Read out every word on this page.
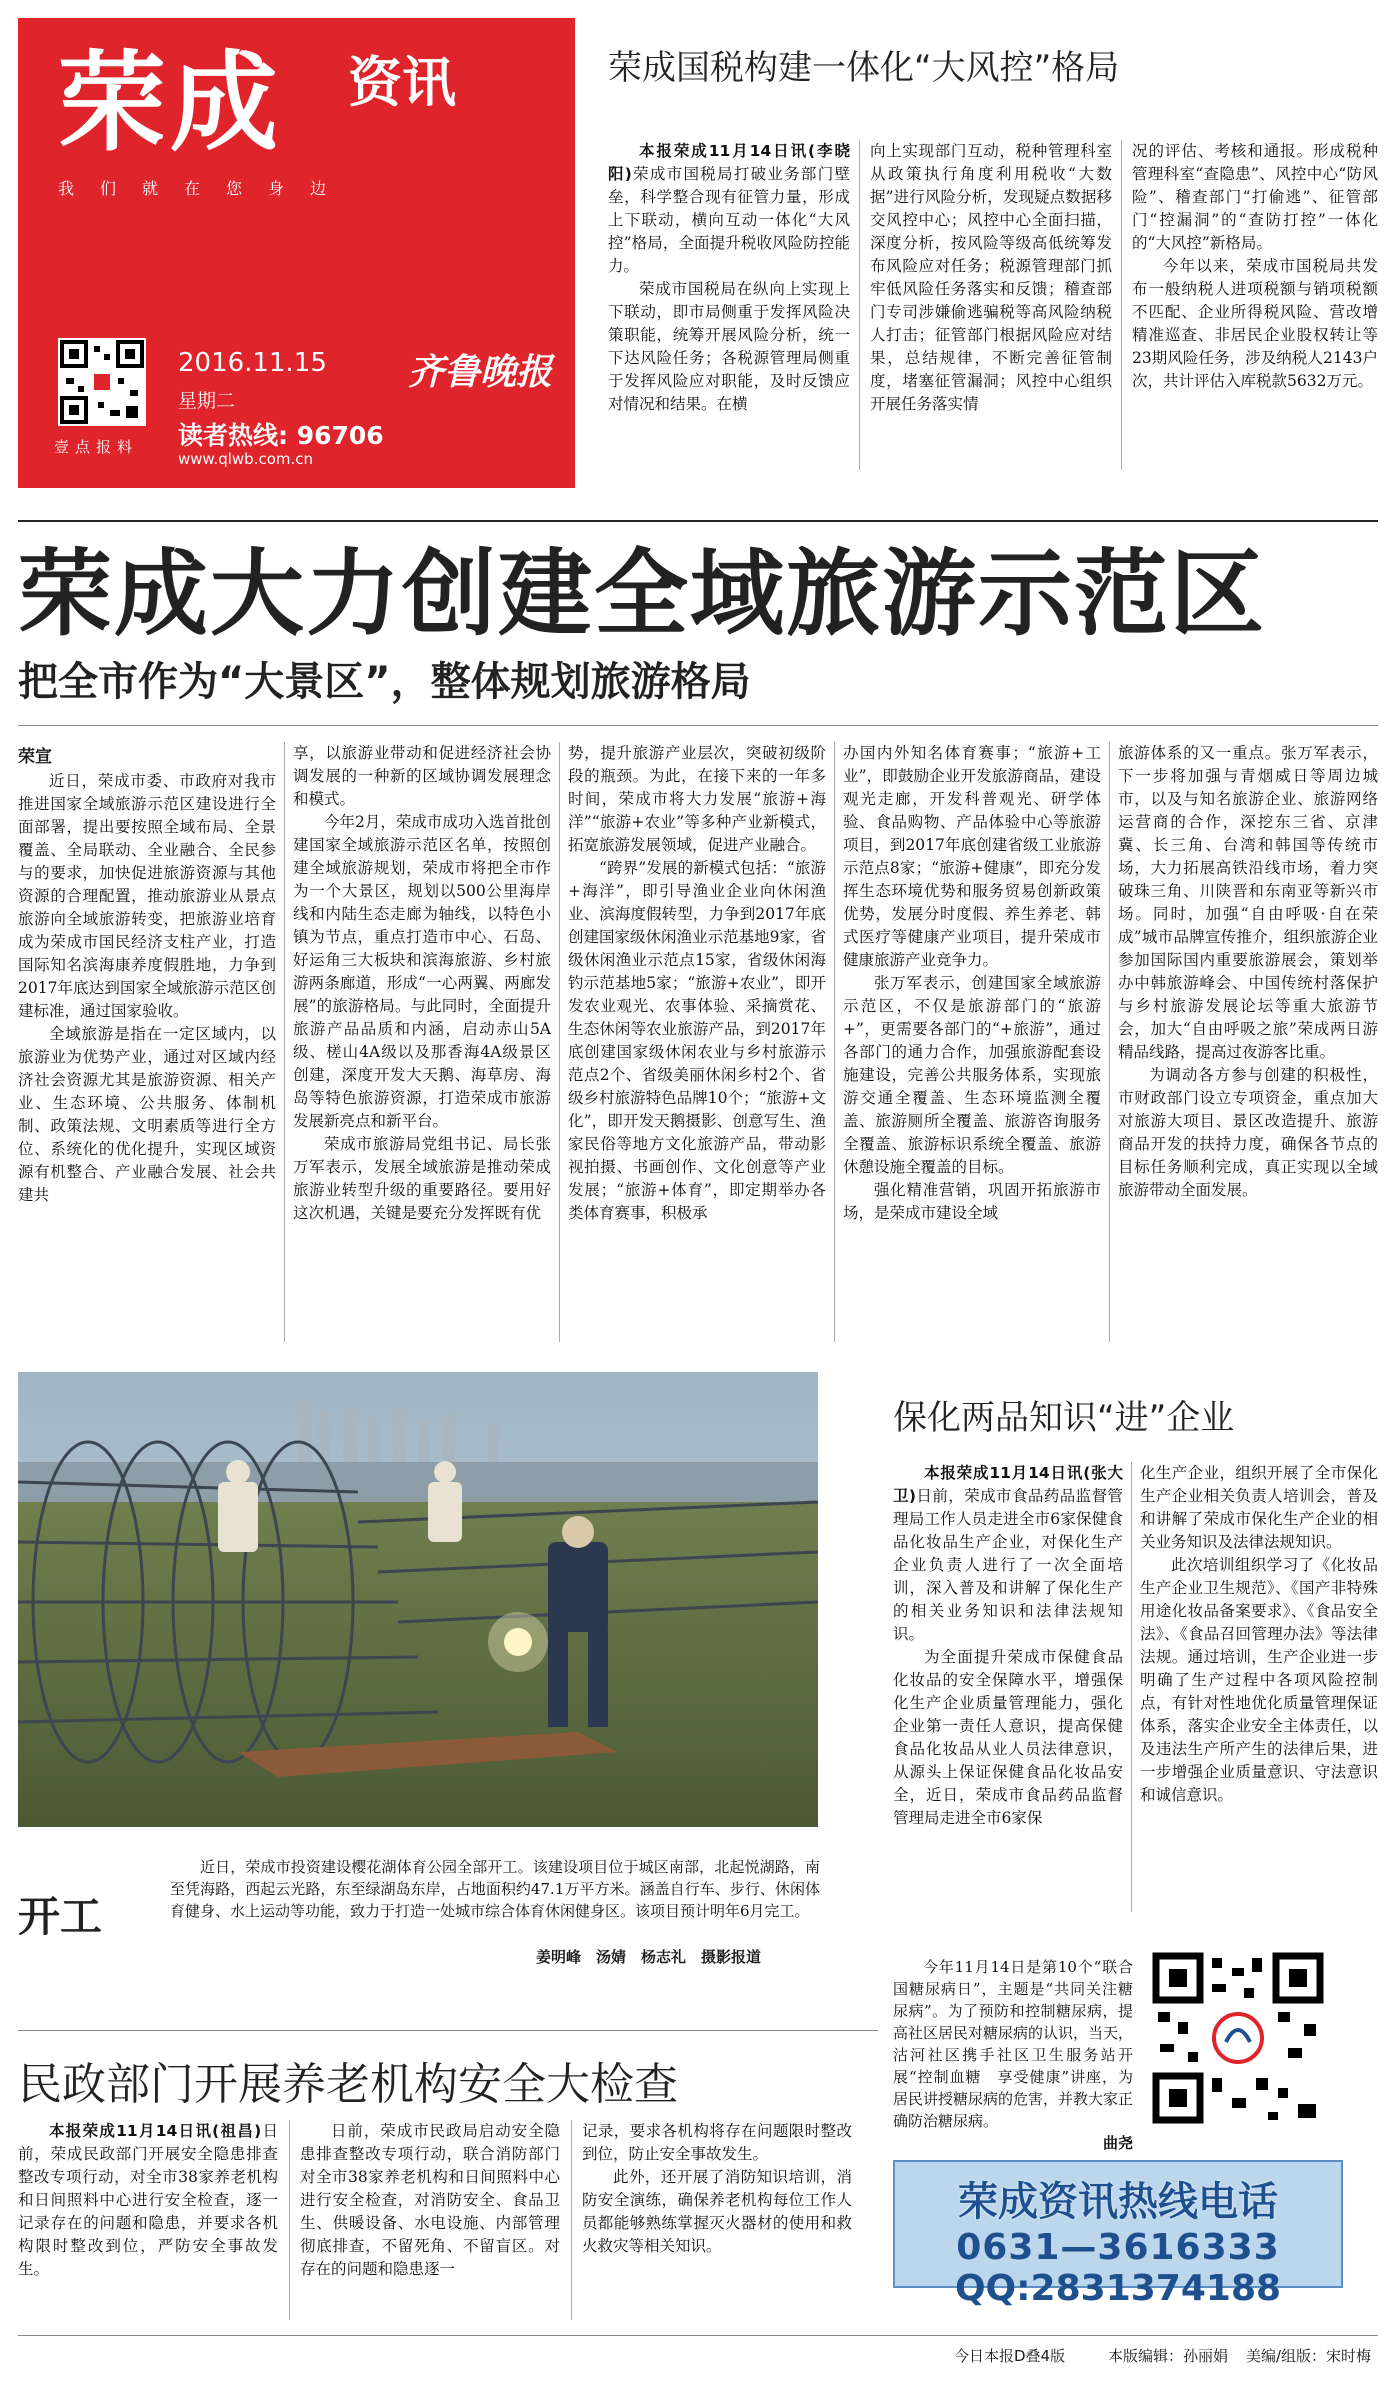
荣成 资讯
我们就在您身边
壹点报料
2016.11.15
星期二
读者热线: 96706
www.qlwb.com.cn
齐鲁晚报
荣成国税构建一体化“大风控”格局

本报荣成11月14日讯(李晓阳)荣成市国税局打破业务部门壁垒，科学整合现有征管力量，形成上下联动，横向互动一体化“大风控”格局，全面提升税收风险防控能力。

荣成市国税局在纵向上实现上下联动，即市局侧重于发挥风险决策职能，统筹开展风险分析，统一下达风险任务；各税源管理局侧重于发挥风险应对职能，及时反馈应对情况和结果。在横

向上实现部门互动，税种管理科室从政策执行角度利用税收“大数据”进行风险分析，发现疑点数据移交风控中心；风控中心全面扫描，深度分析，按风险等级高低统筹发布风险应对任务；税源管理部门抓牢低风险任务落实和反馈；稽查部门专司涉嫌偷逃骗税等高风险纳税人打击；征管部门根据风险应对结果，总结规律，不断完善征管制度，堵塞征管漏洞；风控中心组织开展任务落实情

况的评估、考核和通报。形成税种管理科室“查隐患”、风控中心“防风险”、稽查部门“打偷逃”、征管部门“控漏洞”的“查防打控”一体化的“大风控”新格局。

今年以来，荣成市国税局共发布一般纳税人进项税额与销项税额不匹配、企业所得税风险、营改增精准巡查、非居民企业股权转让等23期风险任务，涉及纳税人2143户次，共计评估入库税款5632万元。

荣成大力创建全域旅游示范区
把全市作为“大景区”，整体规划旅游格局
荣宣

近日，荣成市委、市政府对我市推进国家全域旅游示范区建设进行全面部署，提出要按照全域布局、全景覆盖、全局联动、全业融合、全民参与的要求，加快促进旅游资源与其他资源的合理配置，推动旅游业从景点旅游向全域旅游转变，把旅游业培育成为荣成市国民经济支柱产业，打造国际知名滨海康养度假胜地，力争到2017年底达到国家全域旅游示范区创建标准，通过国家验收。

全域旅游是指在一定区域内，以旅游业为优势产业，通过对区域内经济社会资源尤其是旅游资源、相关产业、生态环境、公共服务、体制机制、政策法规、文明素质等进行全方位、系统化的优化提升，实现区域资源有机整合、产业融合发展、社会共建共

享，以旅游业带动和促进经济社会协调发展的一种新的区域协调发展理念和模式。

今年2月，荣成市成功入选首批创建国家全域旅游示范区名单，按照创建全域旅游规划，荣成市将把全市作为一个大景区，规划以500公里海岸线和内陆生态走廊为轴线，以特色小镇为节点，重点打造市中心、石岛、好运角三大板块和滨海旅游、乡村旅游两条廊道，形成“一心两翼、两廊发展”的旅游格局。与此同时，全面提升旅游产品品质和内涵，启动赤山5A级、槎山4A级以及那香海4A级景区创建，深度开发大天鹅、海草房、海岛等特色旅游资源，打造荣成市旅游发展新亮点和新平台。

荣成市旅游局党组书记、局长张万军表示，发展全域旅游是推动荣成旅游业转型升级的重要路径。要用好这次机遇，关键是要充分发挥既有优

势，提升旅游产业层次，突破初级阶段的瓶颈。为此，在接下来的一年多时间，荣成市将大力发展“旅游+海洋”“旅游+农业”等多种产业新模式，拓宽旅游发展领域，促进产业融合。

“跨界”发展的新模式包括：“旅游+海洋”，即引导渔业企业向休闲渔业、滨海度假转型，力争到2017年底创建国家级休闲渔业示范基地9家，省级休闲渔业示范点15家，省级休闲海钓示范基地5家；“旅游+农业”，即开发农业观光、农事体验、采摘赏花、生态休闲等农业旅游产品，到2017年底创建国家级休闲农业与乡村旅游示范点2个、省级美丽休闲乡村2个、省级乡村旅游特色品牌10个；“旅游+文化”，即开发天鹅摄影、创意写生、渔家民俗等地方文化旅游产品，带动影视拍摄、书画创作、文化创意等产业发展；“旅游+体育”，即定期举办各类体育赛事，积极承

办国内外知名体育赛事；“旅游+工业”，即鼓励企业开发旅游商品，建设观光走廊，开发科普观光、研学体验、食品购物、产品体验中心等旅游项目，到2017年底创建省级工业旅游示范点8家；“旅游+健康”，即充分发挥生态环境优势和服务贸易创新政策优势，发展分时度假、养生养老、韩式医疗等健康产业项目，提升荣成市健康旅游产业竞争力。

张万军表示，创建国家全域旅游示范区，不仅是旅游部门的“旅游+”，更需要各部门的“+旅游”，通过各部门的通力合作，加强旅游配套设施建设，完善公共服务体系，实现旅游交通全覆盖、生态环境监测全覆盖、旅游厕所全覆盖、旅游咨询服务全覆盖、旅游标识系统全覆盖、旅游休憩设施全覆盖的目标。

强化精准营销，巩固开拓旅游市场，是荣成市建设全域

旅游体系的又一重点。张万军表示，下一步将加强与青烟威日等周边城市，以及与知名旅游企业、旅游网络运营商的合作，深挖东三省、京津冀、长三角、台湾和韩国等传统市场，大力拓展高铁沿线市场，着力突破珠三角、川陕晋和东南亚等新兴市场。同时，加强“自由呼吸·自在荣成”城市品牌宣传推介，组织旅游企业参加国际国内重要旅游展会，策划举办中韩旅游峰会、中国传统村落保护与乡村旅游发展论坛等重大旅游节会，加大“自由呼吸之旅”荣成两日游精品线路，提高过夜游客比重。

为调动各方参与创建的积极性，市财政部门设立专项资金，重点加大对旅游大项目、景区改造提升、旅游商品开发的扶持力度，确保各节点的目标任务顺利完成，真正实现以全域旅游带动全面发展。

开工
近日，荣成市投资建设樱花湖体育公园全部开工。该建设项目位于城区南部，北起悦湖路，南至凭海路，西起云光路，东至绿湖岛东岸，占地面积约47.1万平方米。涵盖自行车、步行、休闲体育健身、水上运动等功能，致力于打造一处城市综合体育休闲健身区。该项目预计明年6月完工。
姜明峰　汤婧　杨志礼　摄影报道
保化两品知识“进”企业

本报荣成11月14日讯(张大卫)日前，荣成市食品药品监督管理局工作人员走进全市6家保健食品化妆品生产企业，对保化生产企业负责人进行了一次全面培训，深入普及和讲解了保化生产的相关业务知识和法律法规知识。

为全面提升荣成市保健食品化妆品的安全保障水平，增强保化生产企业质量管理能力，强化企业第一责任人意识，提高保健食品化妆品从业人员法律意识，从源头上保证保健食品化妆品安全，近日，荣成市食品药品监督管理局走进全市6家保

化生产企业，组织开展了全市保化生产企业相关负责人培训会，普及和讲解了荣成市保化生产企业的相关业务知识及法律法规知识。

此次培训组织学习了《化妆品生产企业卫生规范》、《国产非特殊用途化妆品备案要求》、《食品安全法》、《食品召回管理办法》等法律法规。通过培训，生产企业进一步明确了生产过程中各项风险控制点，有针对性地优化质量管理保证体系，落实企业安全主体责任，以及违法生产所产生的法律后果，进一步增强企业质量意识、守法意识和诚信意识。

民政部门开展养老机构安全大检查

本报荣成11月14日讯(祖昌)日前，荣成民政部门开展安全隐患排查整改专项行动，对全市38家养老机构和日间照料中心进行安全检查，逐一记录存在的问题和隐患，并要求各机构限时整改到位，严防安全事故发生。

日前，荣成市民政局启动安全隐患排查整改专项行动，联合消防部门对全市38家养老机构和日间照料中心进行安全检查，对消防安全、食品卫生、供暖设备、水电设施、内部管理彻底排查，不留死角、不留盲区。对存在的问题和隐患逐一

记录，要求各机构将存在问题限时整改到位，防止安全事故发生。

此外，还开展了消防知识培训，消防安全演练，确保养老机构每位工作人员都能够熟练掌握灭火器材的使用和救火救灾等相关知识。

今年11月14日是第10个“联合国糖尿病日”，主题是“共同关注糖尿病”。为了预防和控制糖尿病，提高社区居民对糖尿病的认识，当天，沽河社区携手社区卫生服务站开展“控制血糖　享受健康”讲座，为居民讲授糖尿病的危害，并教大家正确防治糖尿病。

曲尧
荣成资讯热线电话
0631—3616333
QQ:2831374188
今日本报D叠4版	本版编辑：孙丽娟 美编/组版：宋时梅
